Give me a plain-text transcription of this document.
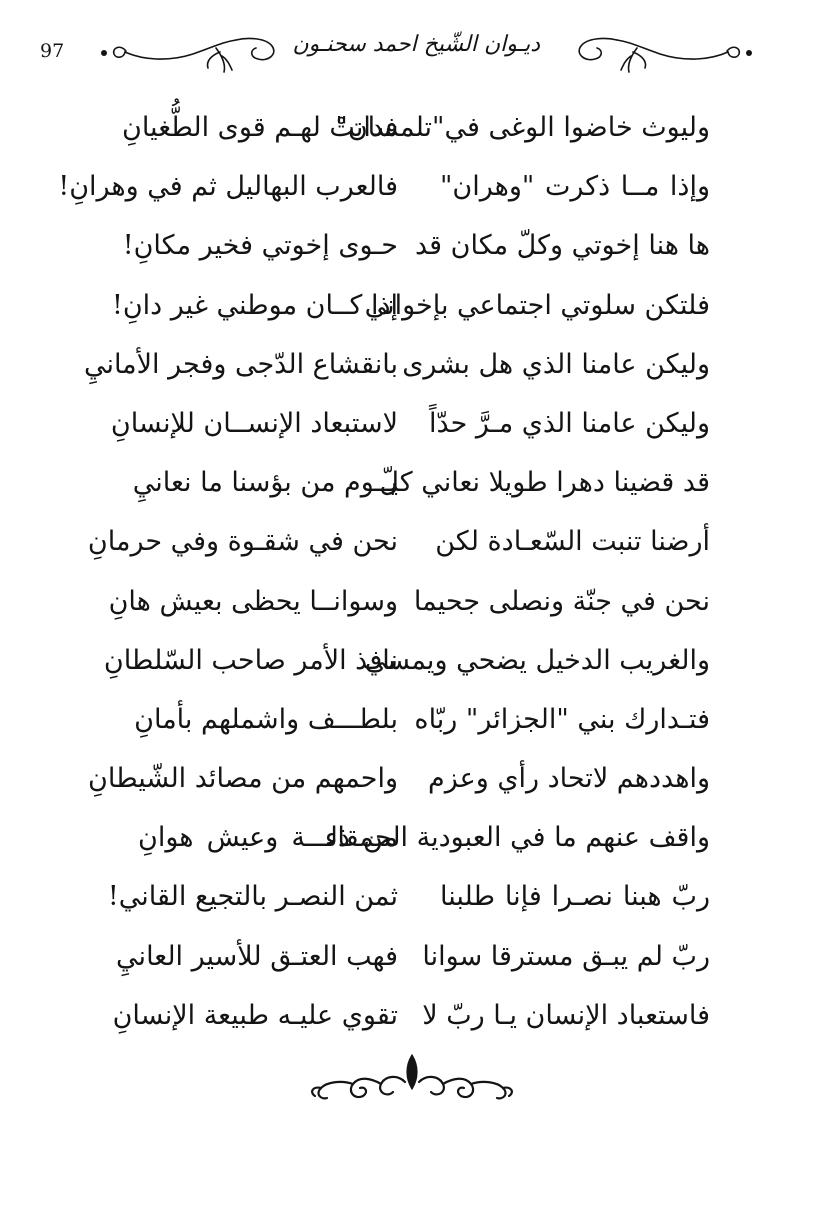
97	ديـوان الشّيخ احمد سحنـون
وليوث خاضوا الوغى في"تلمسان"
فدانتْ لهـم قوى الطُّغيانِ
وإذا مــا ذكرت "وهران"
فالعرب البهاليل ثم في وهرانِ!
ها هنا إخوتي وكلّ مكان قد
حـوى إخوتي فخير مكانِ!
فلتكن سلوتي اجتماعي بإخواني
إذا كــان موطني غير دانِ!
وليكن عامنا الذي هل بشرى
بانقشاع الدّجى وفجر الأمانيِ
وليكن عامنا الذي مـرَّ حدّاً
لاستبعاد الإنســان للإنسانِ
قد قضينا دهرا طويلا نعاني كلّ
يــوم من بؤسنا ما نعانيِ
أرضنا تنبت السّعـادة لكن
نحن في شقـوة وفي حرمانِ
نحن في جنّة ونصلى جحيما
وسوانــا يحظى بعيش هانِ
والغريب الدخيل يضحي ويمسي
نافذ الأمر صاحب السّلطانِ
فتـدارك بني "الجزائر" ربّاه
بلطـــف واشملهم بأمانِ
واهددهم لاتحاد رأي وعزم
واحمهم من مصائد الشّيطانِ
واقف عنهم ما في العبودية الحمقاء
من ذلـــة وعيش هوانِ
ربّ هبنا نصـرا فإنا طلبنا
ثمن النصـر بالتجيع القاني!
ربّ لم يبـق مسترقا سوانا
فهب العتـق للأسير العانيِ
فاستعباد الإنسان يـا ربّ لا
تقوي عليـه طبيعة الإنسانِ
